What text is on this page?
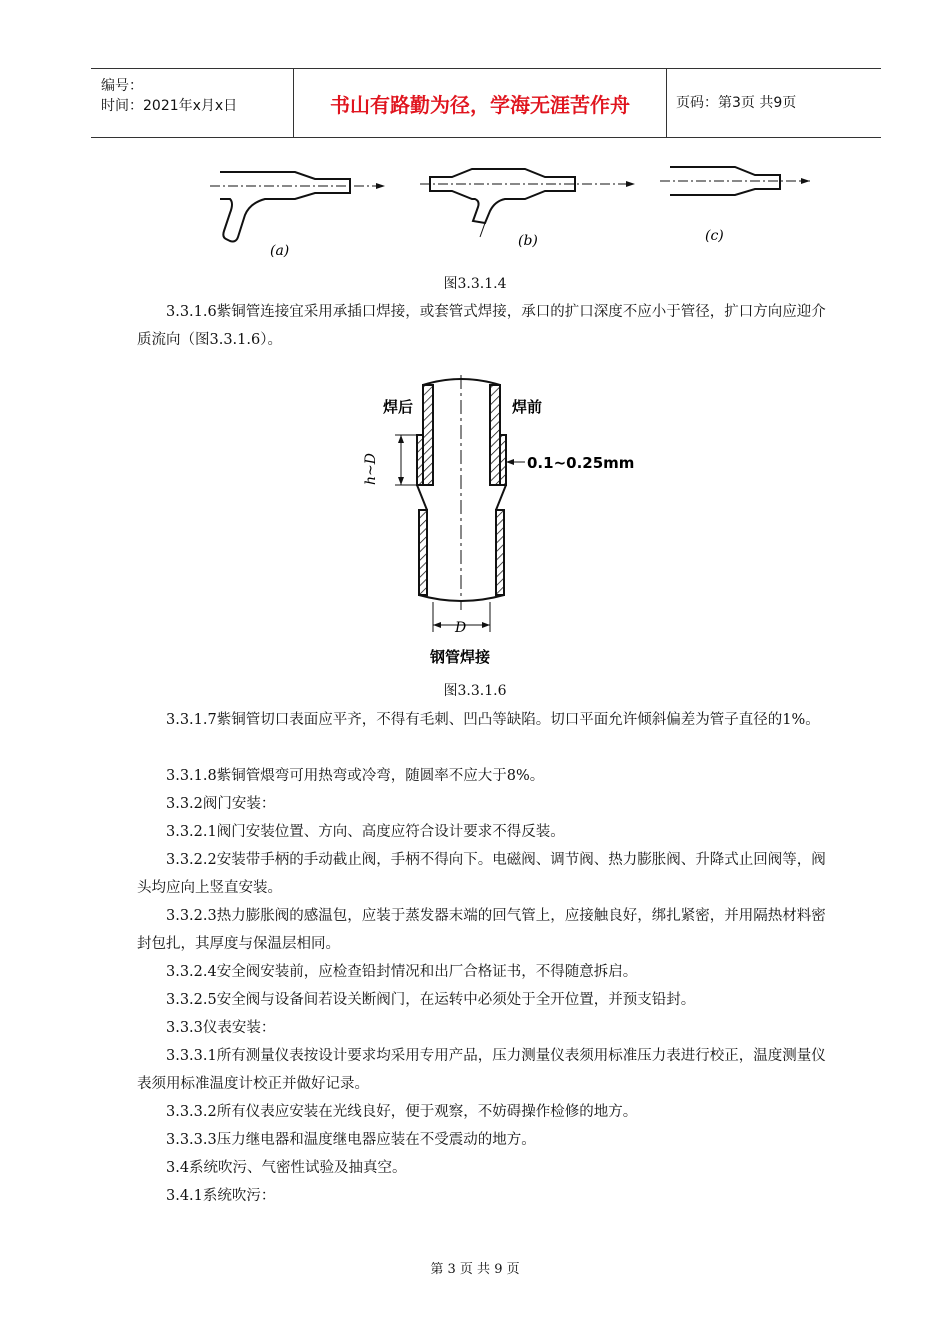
编号：
时间：2021年x月x日	书山有路勤为径，学海无涯苦作舟	页码：第3页 共9页
(a)
(b)	(c)
图3.3.1.4
3.3.1.6紫铜管连接宜采用承插口焊接，或套管式焊接，承口的扩口深度不应小于管径，扩口方向应迎介质流向（图3.3.1.6）。
焊后	焊前
h~D	0.1~0.25mm
D
钢管焊接
图3.3.1.6
3.3.1.7紫铜管切口表面应平齐，不得有毛刺、凹凸等缺陷。切口平面允许倾斜偏差为管子直径的1%。
3.3.1.8紫铜管煨弯可用热弯或冷弯，随圆率不应大于8%。
3.3.2阀门安装：
3.3.2.1阀门安装位置、方向、高度应符合设计要求不得反装。
3.3.2.2安装带手柄的手动截止阀，手柄不得向下。电磁阀、调节阀、热力膨胀阀、升降式止回阀等，阀头均应向上竖直安装。
3.3.2.3热力膨胀阀的感温包，应装于蒸发器末端的回气管上，应接触良好，绑扎紧密，并用隔热材料密封包扎，其厚度与保温层相同。
3.3.2.4安全阀安装前，应检查铅封情况和出厂合格证书，不得随意拆启。
3.3.2.5安全阀与设备间若设关断阀门，在运转中必须处于全开位置，并预支铅封。
3.3.3仪表安装：
3.3.3.1所有测量仪表按设计要求均采用专用产品，压力测量仪表须用标准压力表进行校正，温度测量仪表须用标准温度计校正并做好记录。
3.3.3.2所有仪表应安装在光线良好，便于观察，不妨碍操作检修的地方。
3.3.3.3压力继电器和温度继电器应装在不受震动的地方。
3.4系统吹污、气密性试验及抽真空。
3.4.1系统吹污：
第 3 页 共 9 页
